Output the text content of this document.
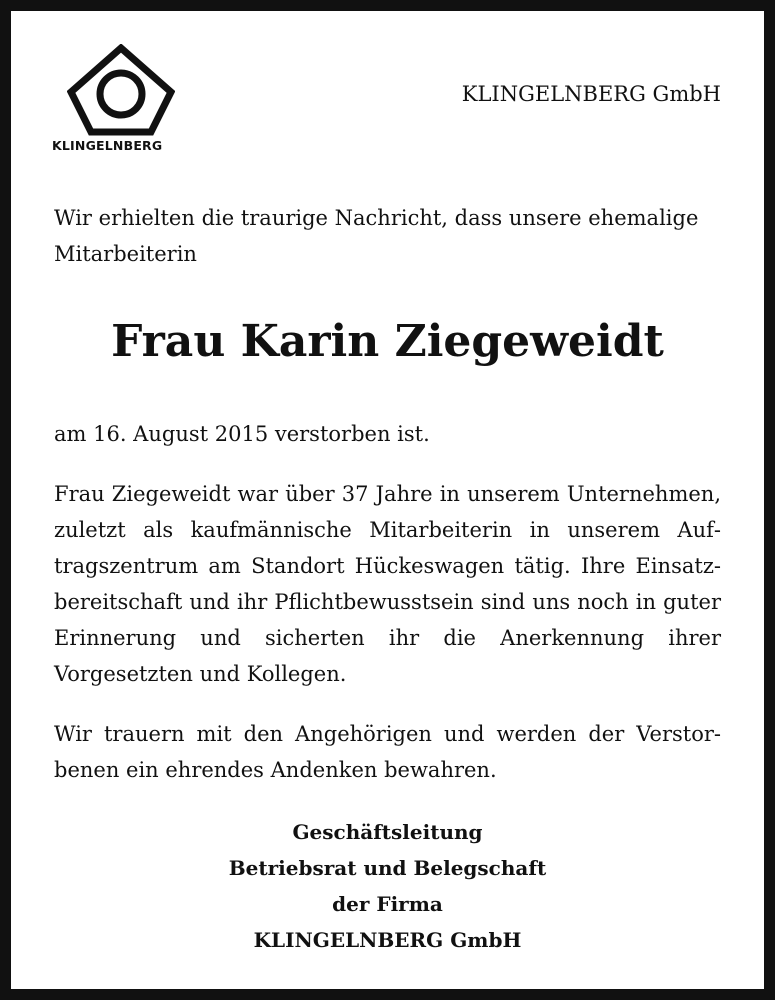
KLINGELNBERG
KLINGELNBERG GmbH

Wir erhielten die traurige Nachricht, dass unsere ehemalige Mitarbeiterin

Frau Karin Ziegeweidt

am 16. August 2015 verstorben ist.

Frau Ziegeweidt war über 37 Jahre in unserem Unternehmen, zuletzt als kaufmännische Mitarbeiterin in unserem Auftragszentrum am Standort Hückeswagen tätig. Ihre Einsatzbereitschaft und ihr Pflichtbewusstsein sind uns noch in guter Erinnerung und sicherten ihr die Anerkennung ihrer Vorgesetzten und Kollegen.

Wir trauern mit den Angehörigen und werden der Verstorbenen ein ehrendes Andenken bewahren.

Geschäftsleitung
Betriebsrat und Belegschaft
der Firma
KLINGELNBERG GmbH
